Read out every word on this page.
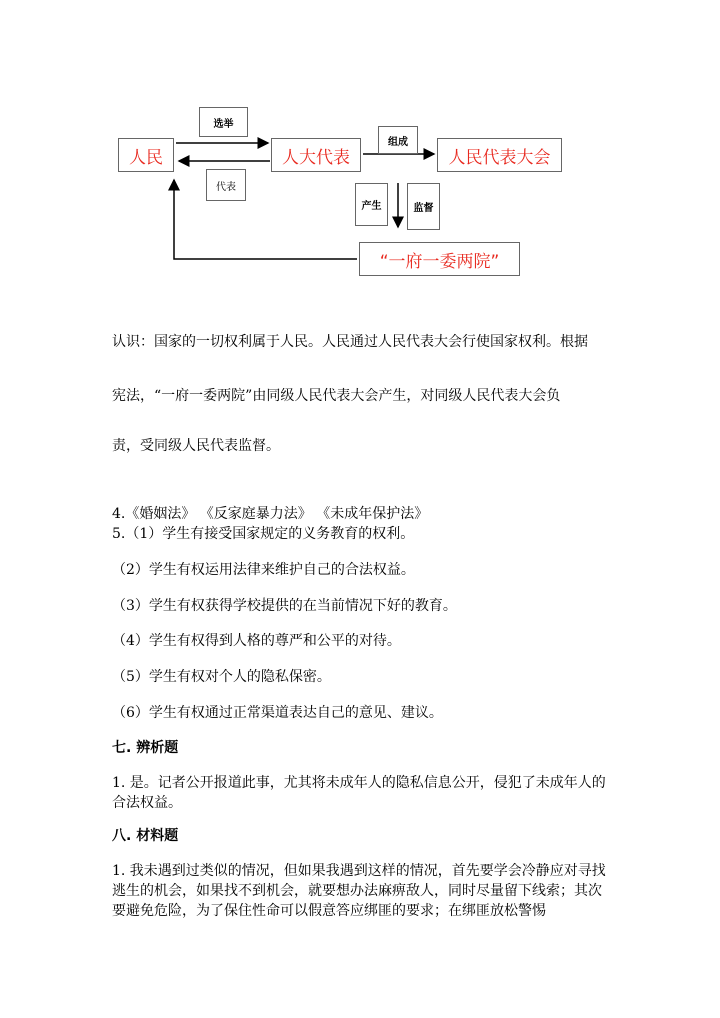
人民	人大代表	人民代表大会
“一府一委两院”
选举
代表
组成
产生	监督

认识：国家的一切权利属于人民。人民通过人民代表大会行使国家权利。根据

宪法，“一府一委两院”由同级人民代表大会产生，对同级人民代表大会负

责，受同级人民代表监督。

4.《婚姻法》 《反家庭暴力法》 《未成年保护法》

5.（1）学生有接受国家规定的义务教育的权利。

（2）学生有权运用法律来维护自己的合法权益。

（3）学生有权获得学校提供的在当前情况下好的教育。

（4）学生有权得到人格的尊严和公平的对待。

（5）学生有权对个人的隐私保密。

（6）学生有权通过正常渠道表达自己的意见、建议。

七. 辨析题

1. 是。记者公开报道此事，尤其将未成年人的隐私信息公开，侵犯了未成年人的合法权益。

八. 材料题

1. 我未遇到过类似的情况，但如果我遇到这样的情况，首先要学会冷静应对寻找逃生的机会，如果找不到机会，就要想办法麻痹敌人，同时尽量留下线索；其次要避免危险，为了保住性命可以假意答应绑匪的要求；在绑匪放松警惕
